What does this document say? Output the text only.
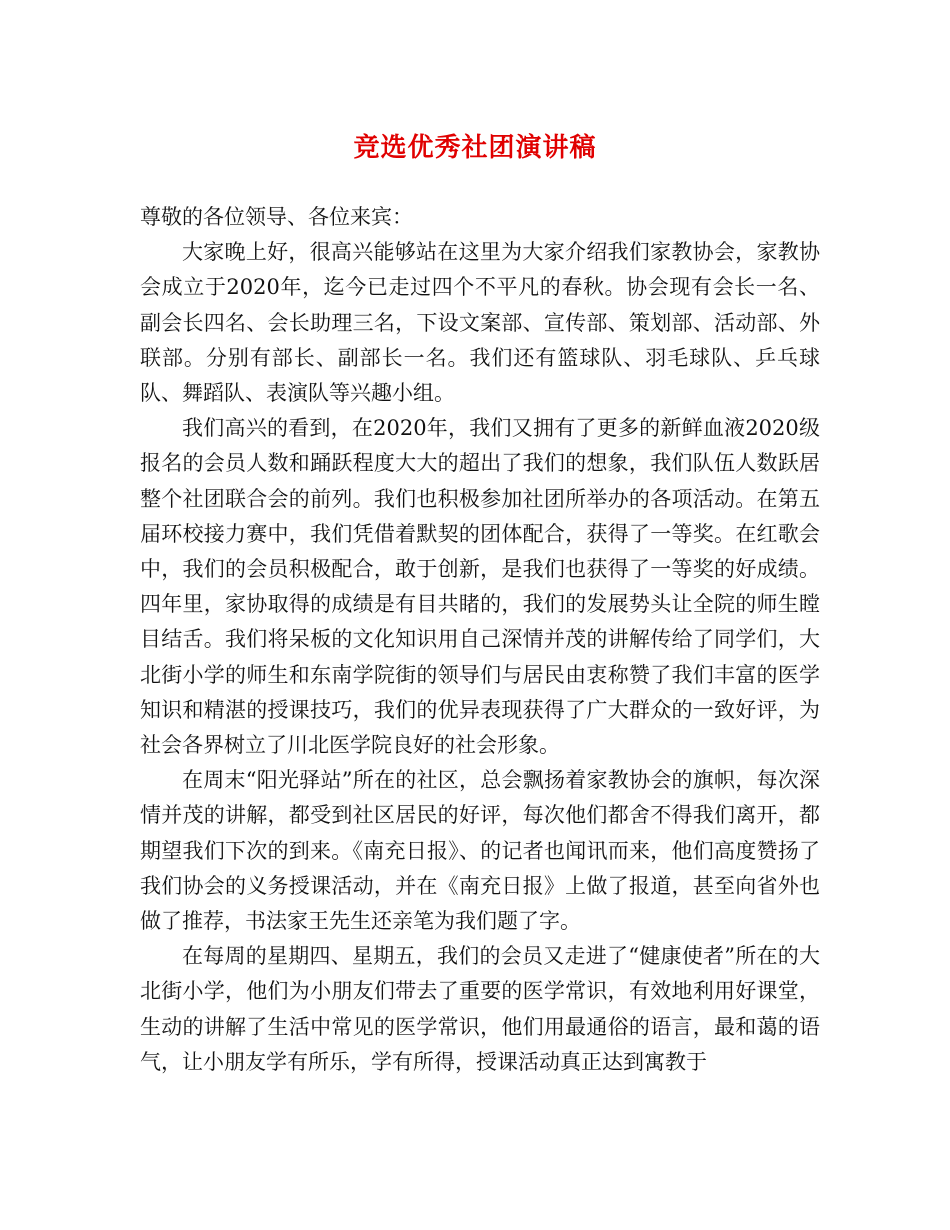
竞选优秀社团演讲稿

尊敬的各位领导、各位来宾：

大家晚上好，很高兴能够站在这里为大家介绍我们家教协会，家教协会成立于2020年，迄今已走过四个不平凡的春秋。协会现有会长一名、副会长四名、会长助理三名，下设文案部、宣传部、策划部、活动部、外联部。分别有部长、副部长一名。我们还有篮球队、羽毛球队、乒乓球队、舞蹈队、表演队等兴趣小组。

我们高兴的看到，在2020年，我们又拥有了更多的新鲜血液2020级报名的会员人数和踊跃程度大大的超出了我们的想象，我们队伍人数跃居整个社团联合会的前列。我们也积极参加社团所举办的各项活动。在第五届环校接力赛中，我们凭借着默契的团体配合，获得了一等奖。在红歌会中，我们的会员积极配合，敢于创新，是我们也获得了一等奖的好成绩。四年里，家协取得的成绩是有目共睹的，我们的发展势头让全院的师生瞠目结舌。我们将呆板的文化知识用自己深情并茂的讲解传给了同学们，大北街小学的师生和东南学院街的领导们与居民由衷称赞了我们丰富的医学知识和精湛的授课技巧，我们的优异表现获得了广大群众的一致好评，为社会各界树立了川北医学院良好的社会形象。

在周末“阳光驿站”所在的社区，总会飘扬着家教协会的旗帜，每次深情并茂的讲解，都受到社区居民的好评，每次他们都舍不得我们离开，都期望我们下次的到来。《南充日报》、的记者也闻讯而来，他们高度赞扬了我们协会的义务授课活动，并在《南充日报》上做了报道，甚至向省外也做了推荐，书法家王先生还亲笔为我们题了字。

在每周的星期四、星期五，我们的会员又走进了“健康使者”所在的大北街小学，他们为小朋友们带去了重要的医学常识，有效地利用好课堂，生动的讲解了生活中常见的医学常识，他们用最通俗的语言，最和蔼的语气，让小朋友学有所乐，学有所得，授课活动真正达到寓教于
